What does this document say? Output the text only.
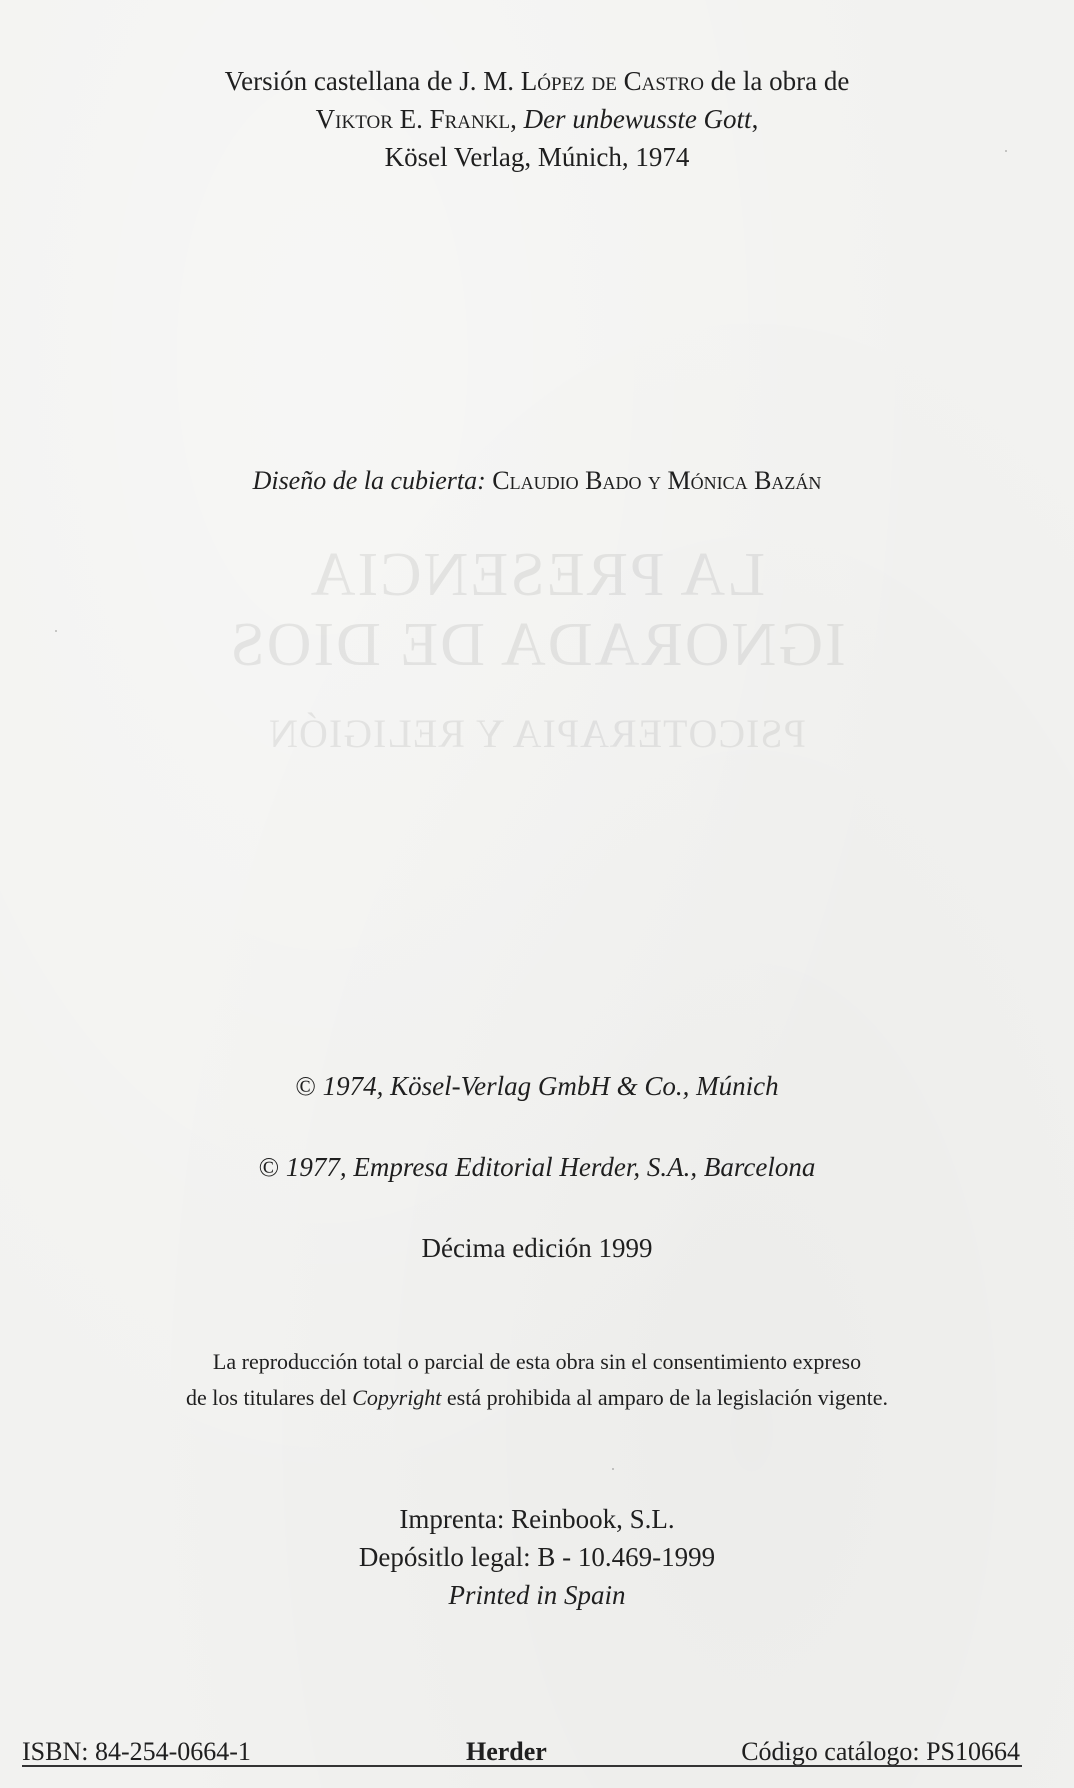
Versión castellana de J. M. López de Castro de la obra de
Viktor E. Frankl, Der unbewusste Gott,
Kösel Verlag, Múnich, 1974
Diseño de la cubierta: Claudio Bado y Mónica Bazán
LA PRESENCIA
IGNORADA DE DIOS
PSICOTERAPIA Y RELIGIÓN
© 1974, Kösel-Verlag GmbH & Co., Múnich
© 1977, Empresa Editorial Herder, S.A., Barcelona
Décima edición 1999
La reproducción total o parcial de esta obra sin el consentimiento expreso
de los titulares del Copyright está prohibida al amparo de la legislación vigente.
Imprenta: Reinbook, S.L.
Depósitlo legal: B - 10.469-1999
Printed in Spain
ISBN: 84-254-0664-1	Herder	Código catálogo: PS10664
